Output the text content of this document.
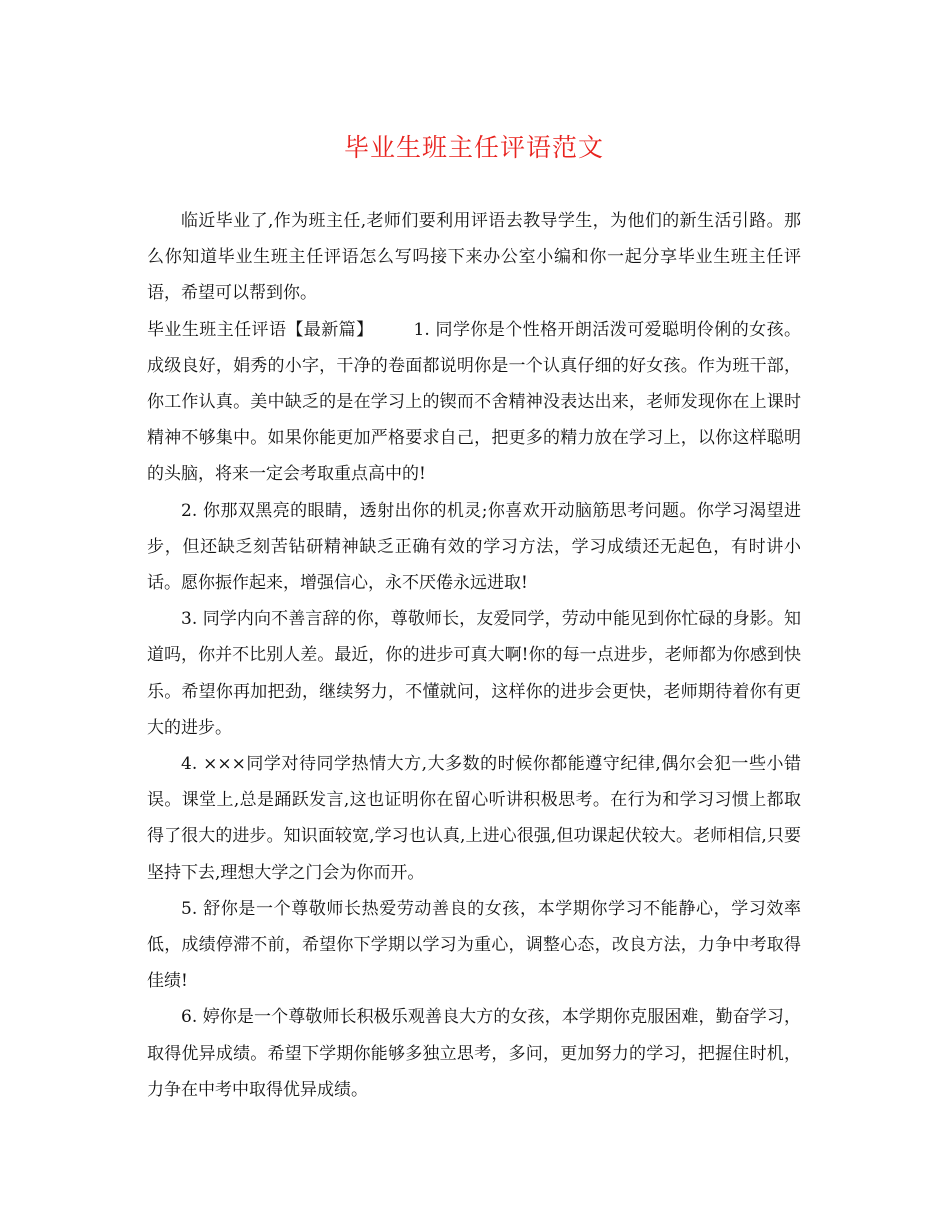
毕业生班主任评语范文

临近毕业了,作为班主任,老师们要利用评语去教导学生，为他们的新生活引路。那么你知道毕业生班主任评语怎么写吗接下来办公室小编和你一起分享毕业生班主任评语，希望可以帮到你。

毕业生班主任评语【最新篇】 1. 同学你是个性格开朗活泼可爱聪明伶俐的女孩。成级良好，娟秀的小字，干净的卷面都说明你是一个认真仔细的好女孩。作为班干部，你工作认真。美中缺乏的是在学习上的锲而不舍精神没表达出来，老师发现你在上课时精神不够集中。如果你能更加严格要求自己，把更多的精力放在学习上，以你这样聪明的头脑，将来一定会考取重点高中的!

2. 你那双黑亮的眼睛，透射出你的机灵;你喜欢开动脑筋思考问题。你学习渴望进步，但还缺乏刻苦钻研精神缺乏正确有效的学习方法，学习成绩还无起色，有时讲小话。愿你振作起来，增强信心，永不厌倦永远进取!

3. 同学内向不善言辞的你，尊敬师长，友爱同学，劳动中能见到你忙碌的身影。知道吗，你并不比别人差。最近，你的进步可真大啊!你的每一点进步，老师都为你感到快乐。希望你再加把劲，继续努力，不懂就问，这样你的进步会更快，老师期待着你有更大的进步。

4. ×××同学对待同学热情大方,大多数的时候你都能遵守纪律,偶尔会犯一些小错误。课堂上,总是踊跃发言,这也证明你在留心听讲积极思考。在行为和学习习惯上都取得了很大的进步。知识面较宽,学习也认真,上进心很强,但功课起伏较大。老师相信,只要坚持下去,理想大学之门会为你而开。

5. 舒你是一个尊敬师长热爱劳动善良的女孩，本学期你学习不能静心，学习效率低，成绩停滞不前，希望你下学期以学习为重心，调整心态，改良方法，力争中考取得佳绩!

6. 婷你是一个尊敬师长积极乐观善良大方的女孩，本学期你克服困难，勤奋学习，取得优异成绩。希望下学期你能够多独立思考，多问，更加努力的学习，把握住时机，力争在中考中取得优异成绩。
